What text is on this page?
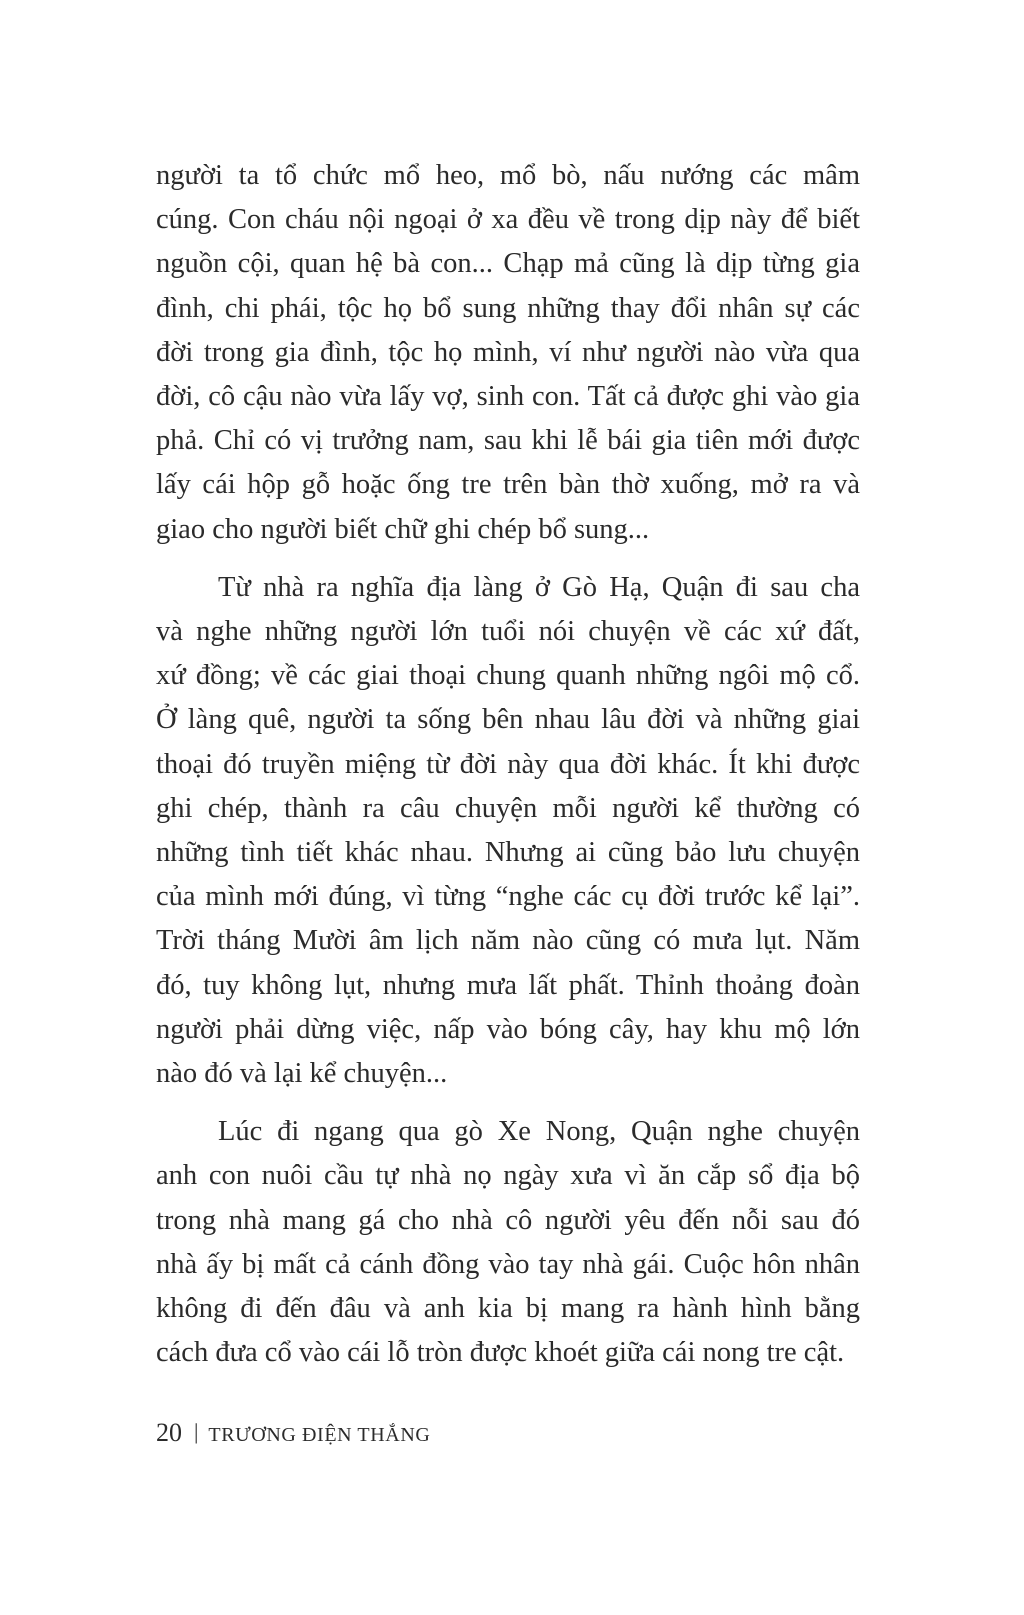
người ta tổ chức mổ heo, mổ bò, nấu nướng các mâm
cúng. Con cháu nội ngoại ở xa đều về trong dịp này để biết
nguồn cội, quan hệ bà con... Chạp mả cũng là dịp từng gia
đình, chi phái, tộc họ bổ sung những thay đổi nhân sự các
đời trong gia đình, tộc họ mình, ví như người nào vừa qua
đời, cô cậu nào vừa lấy vợ, sinh con. Tất cả được ghi vào gia
phả. Chỉ có vị trưởng nam, sau khi lễ bái gia tiên mới được
lấy cái hộp gỗ hoặc ống tre trên bàn thờ xuống, mở ra và
giao cho người biết chữ ghi chép bổ sung...

Từ nhà ra nghĩa địa làng ở Gò Hạ, Quận đi sau cha
và nghe những người lớn tuổi nói chuyện về các xứ đất,
xứ đồng; về các giai thoại chung quanh những ngôi mộ cổ.
Ở làng quê, người ta sống bên nhau lâu đời và những giai
thoại đó truyền miệng từ đời này qua đời khác. Ít khi được
ghi chép, thành ra câu chuyện mỗi người kể thường có
những tình tiết khác nhau. Nhưng ai cũng bảo lưu chuyện
của mình mới đúng, vì từng “nghe các cụ đời trước kể lại”.
Trời tháng Mười âm lịch năm nào cũng có mưa lụt. Năm
đó, tuy không lụt, nhưng mưa lất phất. Thỉnh thoảng đoàn
người phải dừng việc, nấp vào bóng cây, hay khu mộ lớn
nào đó và lại kể chuyện...

Lúc đi ngang qua gò Xe Nong, Quận nghe chuyện
anh con nuôi cầu tự nhà nọ ngày xưa vì ăn cắp sổ địa bộ
trong nhà mang gá cho nhà cô người yêu đến nỗi sau đó
nhà ấy bị mất cả cánh đồng vào tay nhà gái. Cuộc hôn nhân
không đi đến đâu và anh kia bị mang ra hành hình bằng
cách đưa cổ vào cái lỗ tròn được khoét giữa cái nong tre cật.

20 | TRƯƠNG ĐIỆN THẮNG
